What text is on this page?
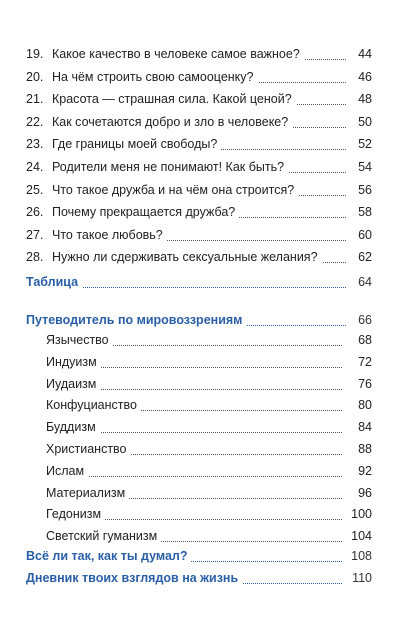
19. Какое качество в человеке самое важное?	44
20. На чём строить свою самооценку?	46
21. Красота — страшная сила. Какой ценой?	48
22. Как сочетаются добро и зло в человеке?	50
23. Где границы моей свободы?	52
24. Родители меня не понимают! Как быть?	54
25. Что такое дружба и на чём она строится?	56
26. Почему прекращается дружба?	58
27. Что такое любовь?	60
28. Нужно ли сдерживать сексуальные желания?	62
Таблица	64
Путеводитель по мировоззрениям	66
Язычество	68
Индуизм	72
Иудаизм	76
Конфуцианство	80
Буддизм	84
Христианство	88
Ислам	92
Материализм	96
Гедонизм	100
Светский гуманизм	104
Всё ли так, как ты думал?	108
Дневник твоих взглядов на жизнь	110
